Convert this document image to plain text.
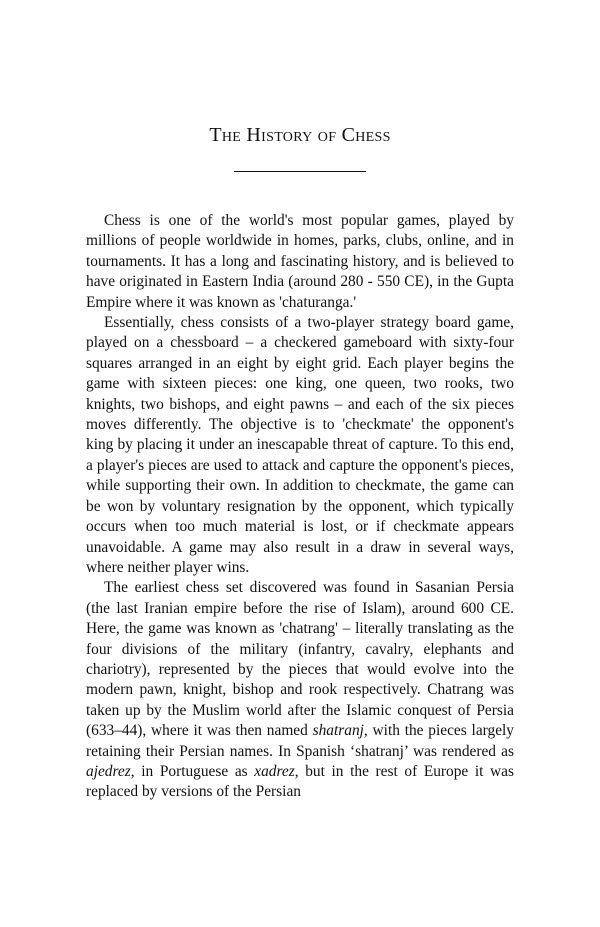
The History of Chess

Chess is one of the world's most popular games, played by millions of people worldwide in homes, parks, clubs, online, and in tournaments. It has a long and fascinating history, and is believed to have originated in Eastern India (around 280 - 550 CE), in the Gupta Empire where it was known as 'chaturanga.'

Essentially, chess consists of a two-player strategy board game, played on a chessboard – a checkered gameboard with sixty-four squares arranged in an eight by eight grid. Each player begins the game with sixteen pieces: one king, one queen, two rooks, two knights, two bishops, and eight pawns – and each of the six pieces moves differently. The objective is to 'checkmate' the opponent's king by placing it under an inescapable threat of capture. To this end, a player's pieces are used to attack and capture the opponent's pieces, while supporting their own. In addition to checkmate, the game can be won by voluntary resignation by the opponent, which typically occurs when too much material is lost, or if checkmate appears unavoidable. A game may also result in a draw in several ways, where neither player wins.

The earliest chess set discovered was found in Sasanian Persia (the last Iranian empire before the rise of Islam), around 600 CE. Here, the game was known as 'chatrang' – literally translating as the four divisions of the military (infantry, cavalry, elephants and chariotry), represented by the pieces that would evolve into the modern pawn, knight, bishop and rook respectively. Chatrang was taken up by the Muslim world after the Islamic conquest of Persia (633–44), where it was then named shatranj, with the pieces largely retaining their Persian names. In Spanish ‘shatranj’ was rendered as ajedrez, in Portuguese as xadrez, but in the rest of Europe it was replaced by versions of the Persian
